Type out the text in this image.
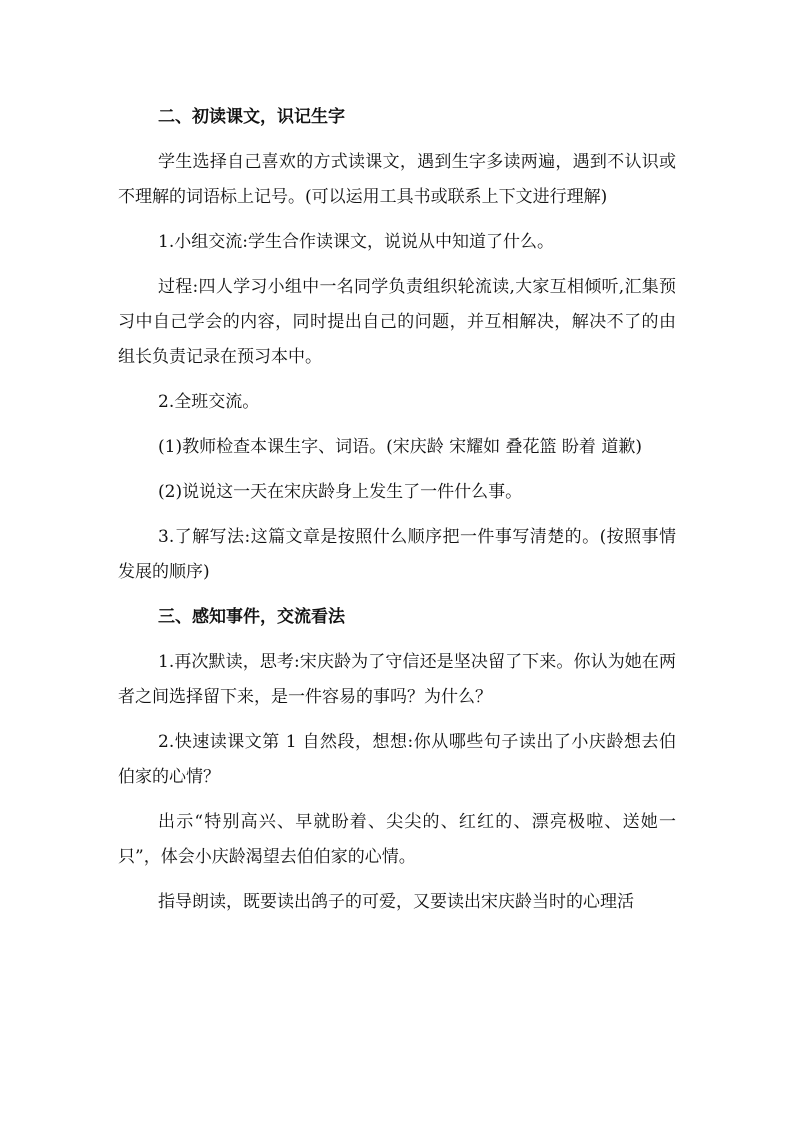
二、初读课文，识记生字

学生选择自己喜欢的方式读课文，遇到生字多读两遍，遇到不认识或不理解的词语标上记号。(可以运用工具书或联系上下文进行理解)

1.小组交流:学生合作读课文，说说从中知道了什么。

过程:四人学习小组中一名同学负责组织轮流读,大家互相倾听,汇集预习中自己学会的内容，同时提出自己的问题，并互相解决，解决不了的由组长负责记录在预习本中。

2.全班交流。

(1)教师检查本课生字、词语。(宋庆龄 宋耀如 叠花篮 盼着 道歉)

(2)说说这一天在宋庆龄身上发生了一件什么事。

3.了解写法:这篇文章是按照什么顺序把一件事写清楚的。(按照事情发展的顺序)

三、感知事件，交流看法

1.再次默读，思考:宋庆龄为了守信还是坚决留了下来。你认为她在两者之间选择留下来，是一件容易的事吗？为什么？

2.快速读课文第 1 自然段，想想:你从哪些句子读出了小庆龄想去伯伯家的心情？

出示“特别高兴、早就盼着、尖尖的、红红的、漂亮极啦、送她一只”，体会小庆龄渴望去伯伯家的心情。

指导朗读，既要读出鸽子的可爱，又要读出宋庆龄当时的心理活
